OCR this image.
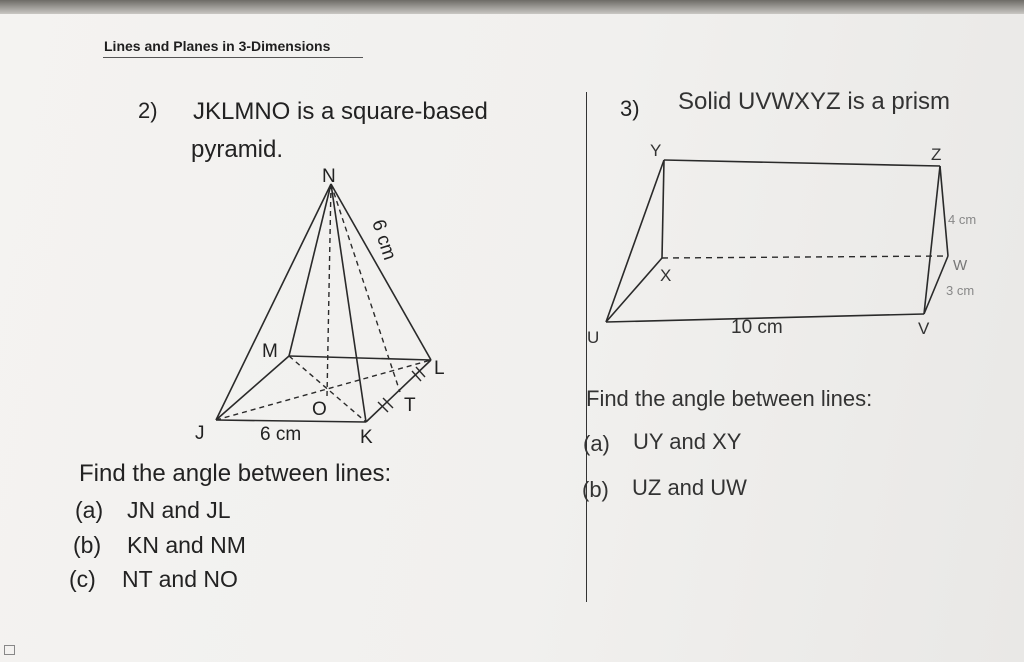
Lines and Planes in 3-Dimensions
2) JKLMNO is a square-based
pyramid.
N
M
L
O	T
J	K
6 cm
6 cm
Find the angle between lines:
(a) JN and JL
(b) KN and NM
(c) NT and NO
3) Solid UVWXYZ is a prism
Y	Z
X
W
U	V
10 cm
4 cm
3 cm
Find the angle between lines:
(a) UY and XY
(b) UZ and UW
